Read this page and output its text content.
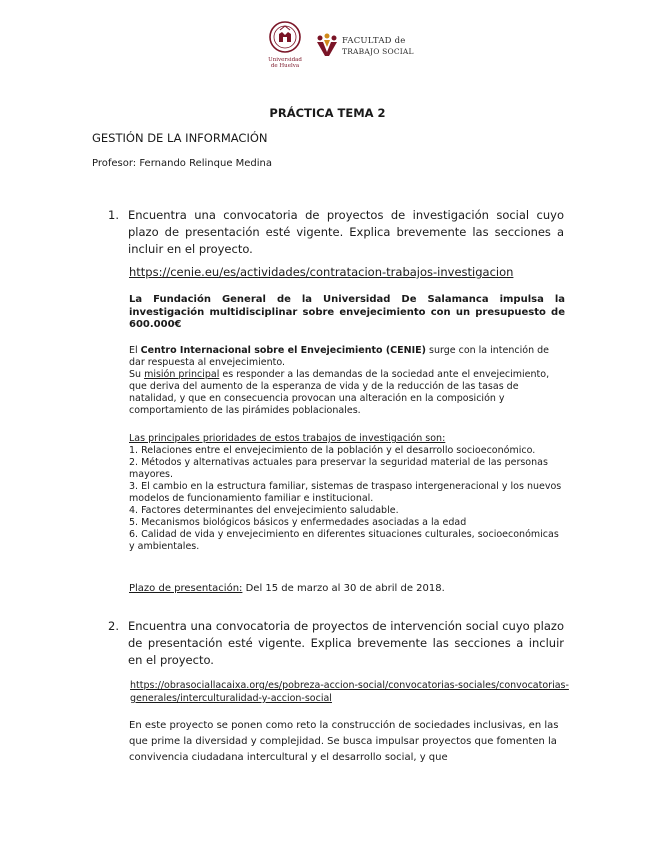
Universidad
de Huelva
FACULTAD de
TRABAJO SOCIAL
PRÁCTICA TEMA 2
GESTIÓN DE LA INFORMACIÓN
Profesor: Fernando Relinque Medina
1. Encuentra una convocatoria de proyectos de investigación social cuyo plazo de presentación esté vigente. Explica brevemente las secciones a incluir en el proyecto.
https://cenie.eu/es/actividades/contratacion-trabajos-investigacion
La Fundación General de la Universidad De Salamanca impulsa la investigación multidisciplinar sobre envejecimiento con un presupuesto de 600.000€
El Centro Internacional sobre el Envejecimiento (CENIE) surge con la intención de dar respuesta al envejecimiento.
Su misión principal es responder a las demandas de la sociedad ante el envejecimiento, que deriva del aumento de la esperanza de vida y de la reducción de las tasas de natalidad, y que en consecuencia provocan una alteración en la composición y comportamiento de las pirámides poblacionales.
Las principales prioridades de estos trabajos de investigación son:
1. Relaciones entre el envejecimiento de la población y el desarrollo socioeconómico.
2. Métodos y alternativas actuales para preservar la seguridad material de las personas mayores.
3. El cambio en la estructura familiar, sistemas de traspaso intergeneracional y los nuevos modelos de funcionamiento familiar e institucional.
4. Factores determinantes del envejecimiento saludable.
5. Mecanismos biológicos básicos y enfermedades asociadas a la edad
6. Calidad de vida y envejecimiento en diferentes situaciones culturales, socioeconómicas y ambientales.
Plazo de presentación: Del 15 de marzo al 30 de abril de 2018.
2. Encuentra una convocatoria de proyectos de intervención social cuyo plazo de presentación esté vigente. Explica brevemente las secciones a incluir en el proyecto.
https://obrasociallacaixa.org/es/pobreza-accion-social/convocatorias-sociales/convocatorias-generales/interculturalidad-y-accion-social
En este proyecto se ponen como reto la construcción de sociedades inclusivas, en las que prime la diversidad y complejidad. Se busca impulsar proyectos que fomenten la convivencia ciudadana intercultural y el desarrollo social, y que
